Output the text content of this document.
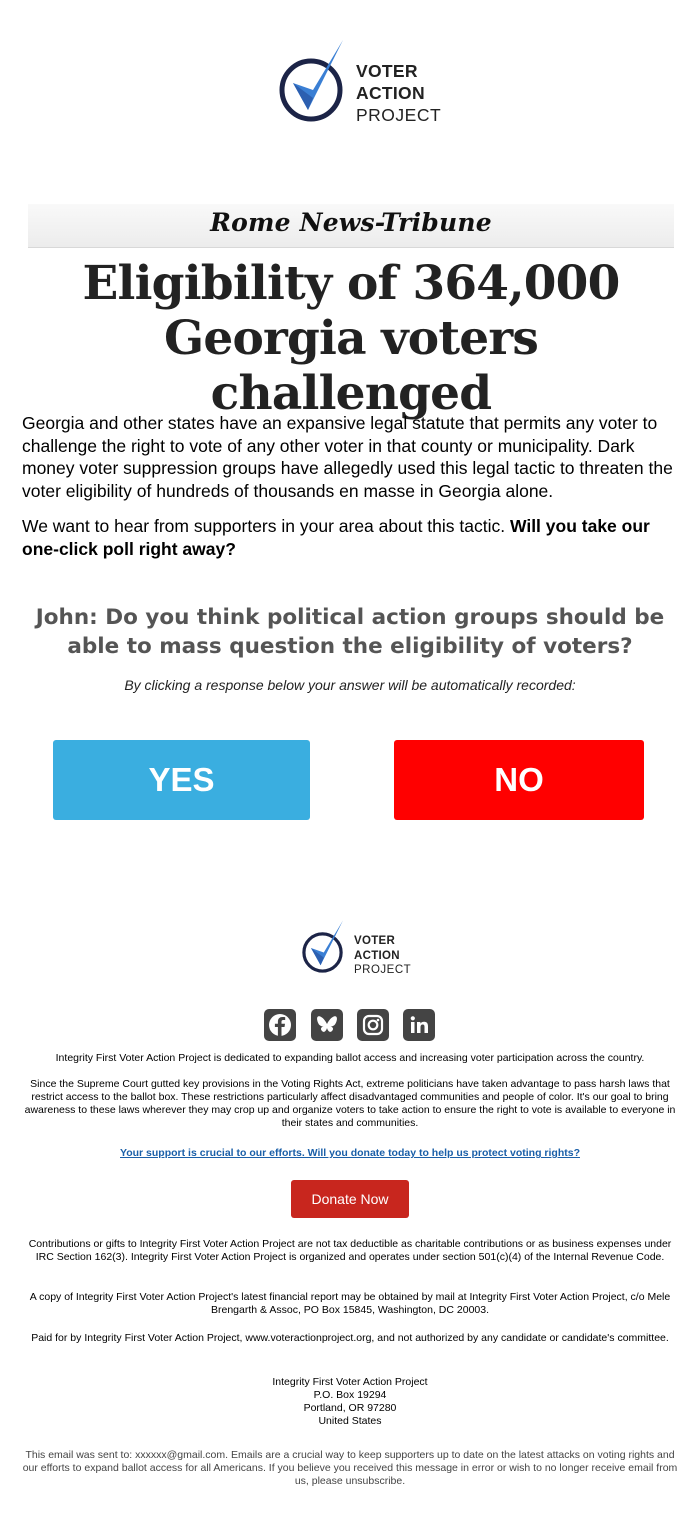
VOTER
ACTION
PROJECT
Rome News-Tribune
Eligibility of 364,000
Georgia voters challenged

Georgia and other states have an expansive legal statute that permits any voter to challenge the right to vote of any other voter in that county or municipality. Dark money voter suppression groups have allegedly used this legal tactic to threaten the voter eligibility of hundreds of thousands en masse in Georgia alone.

We want to hear from supporters in your area about this tactic. Will you take our one-click poll right away?

John: Do you think political action groups should be able to mass question the eligibility of voters?
By clicking a response below your answer will be automatically recorded:
YES	NO
VOTER
ACTION
PROJECT
Integrity First Voter Action Project is dedicated to expanding ballot access and increasing voter participation across the country.
Since the Supreme Court gutted key provisions in the Voting Rights Act, extreme politicians have taken advantage to pass harsh laws that restrict access to the ballot box. These restrictions particularly affect disadvantaged communities and people of color. It's our goal to bring awareness to these laws wherever they may crop up and organize voters to take action to ensure the right to vote is available to everyone in their states and communities.
Your support is crucial to our efforts. Will you donate today to help us protect voting rights?
Donate Now
Contributions or gifts to Integrity First Voter Action Project are not tax deductible as charitable contributions or as business expenses under IRC Section 162(3). Integrity First Voter Action Project is organized and operates under section 501(c)(4) of the Internal Revenue Code.
A copy of Integrity First Voter Action Project's latest financial report may be obtained by mail at Integrity First Voter Action Project, c/o Mele Brengarth & Assoc, PO Box 15845, Washington, DC 20003.
Paid for by Integrity First Voter Action Project, www.voteractionproject.org, and not authorized by any candidate or candidate's committee.
Integrity First Voter Action Project
P.O. Box 19294
Portland, OR 97280
United States
This email was sent to: xxxxxx@gmail.com. Emails are a crucial way to keep supporters up to date on the latest attacks on voting rights and our efforts to expand ballot access for all Americans. If you believe you received this message in error or wish to no longer receive email from us, please unsubscribe.
